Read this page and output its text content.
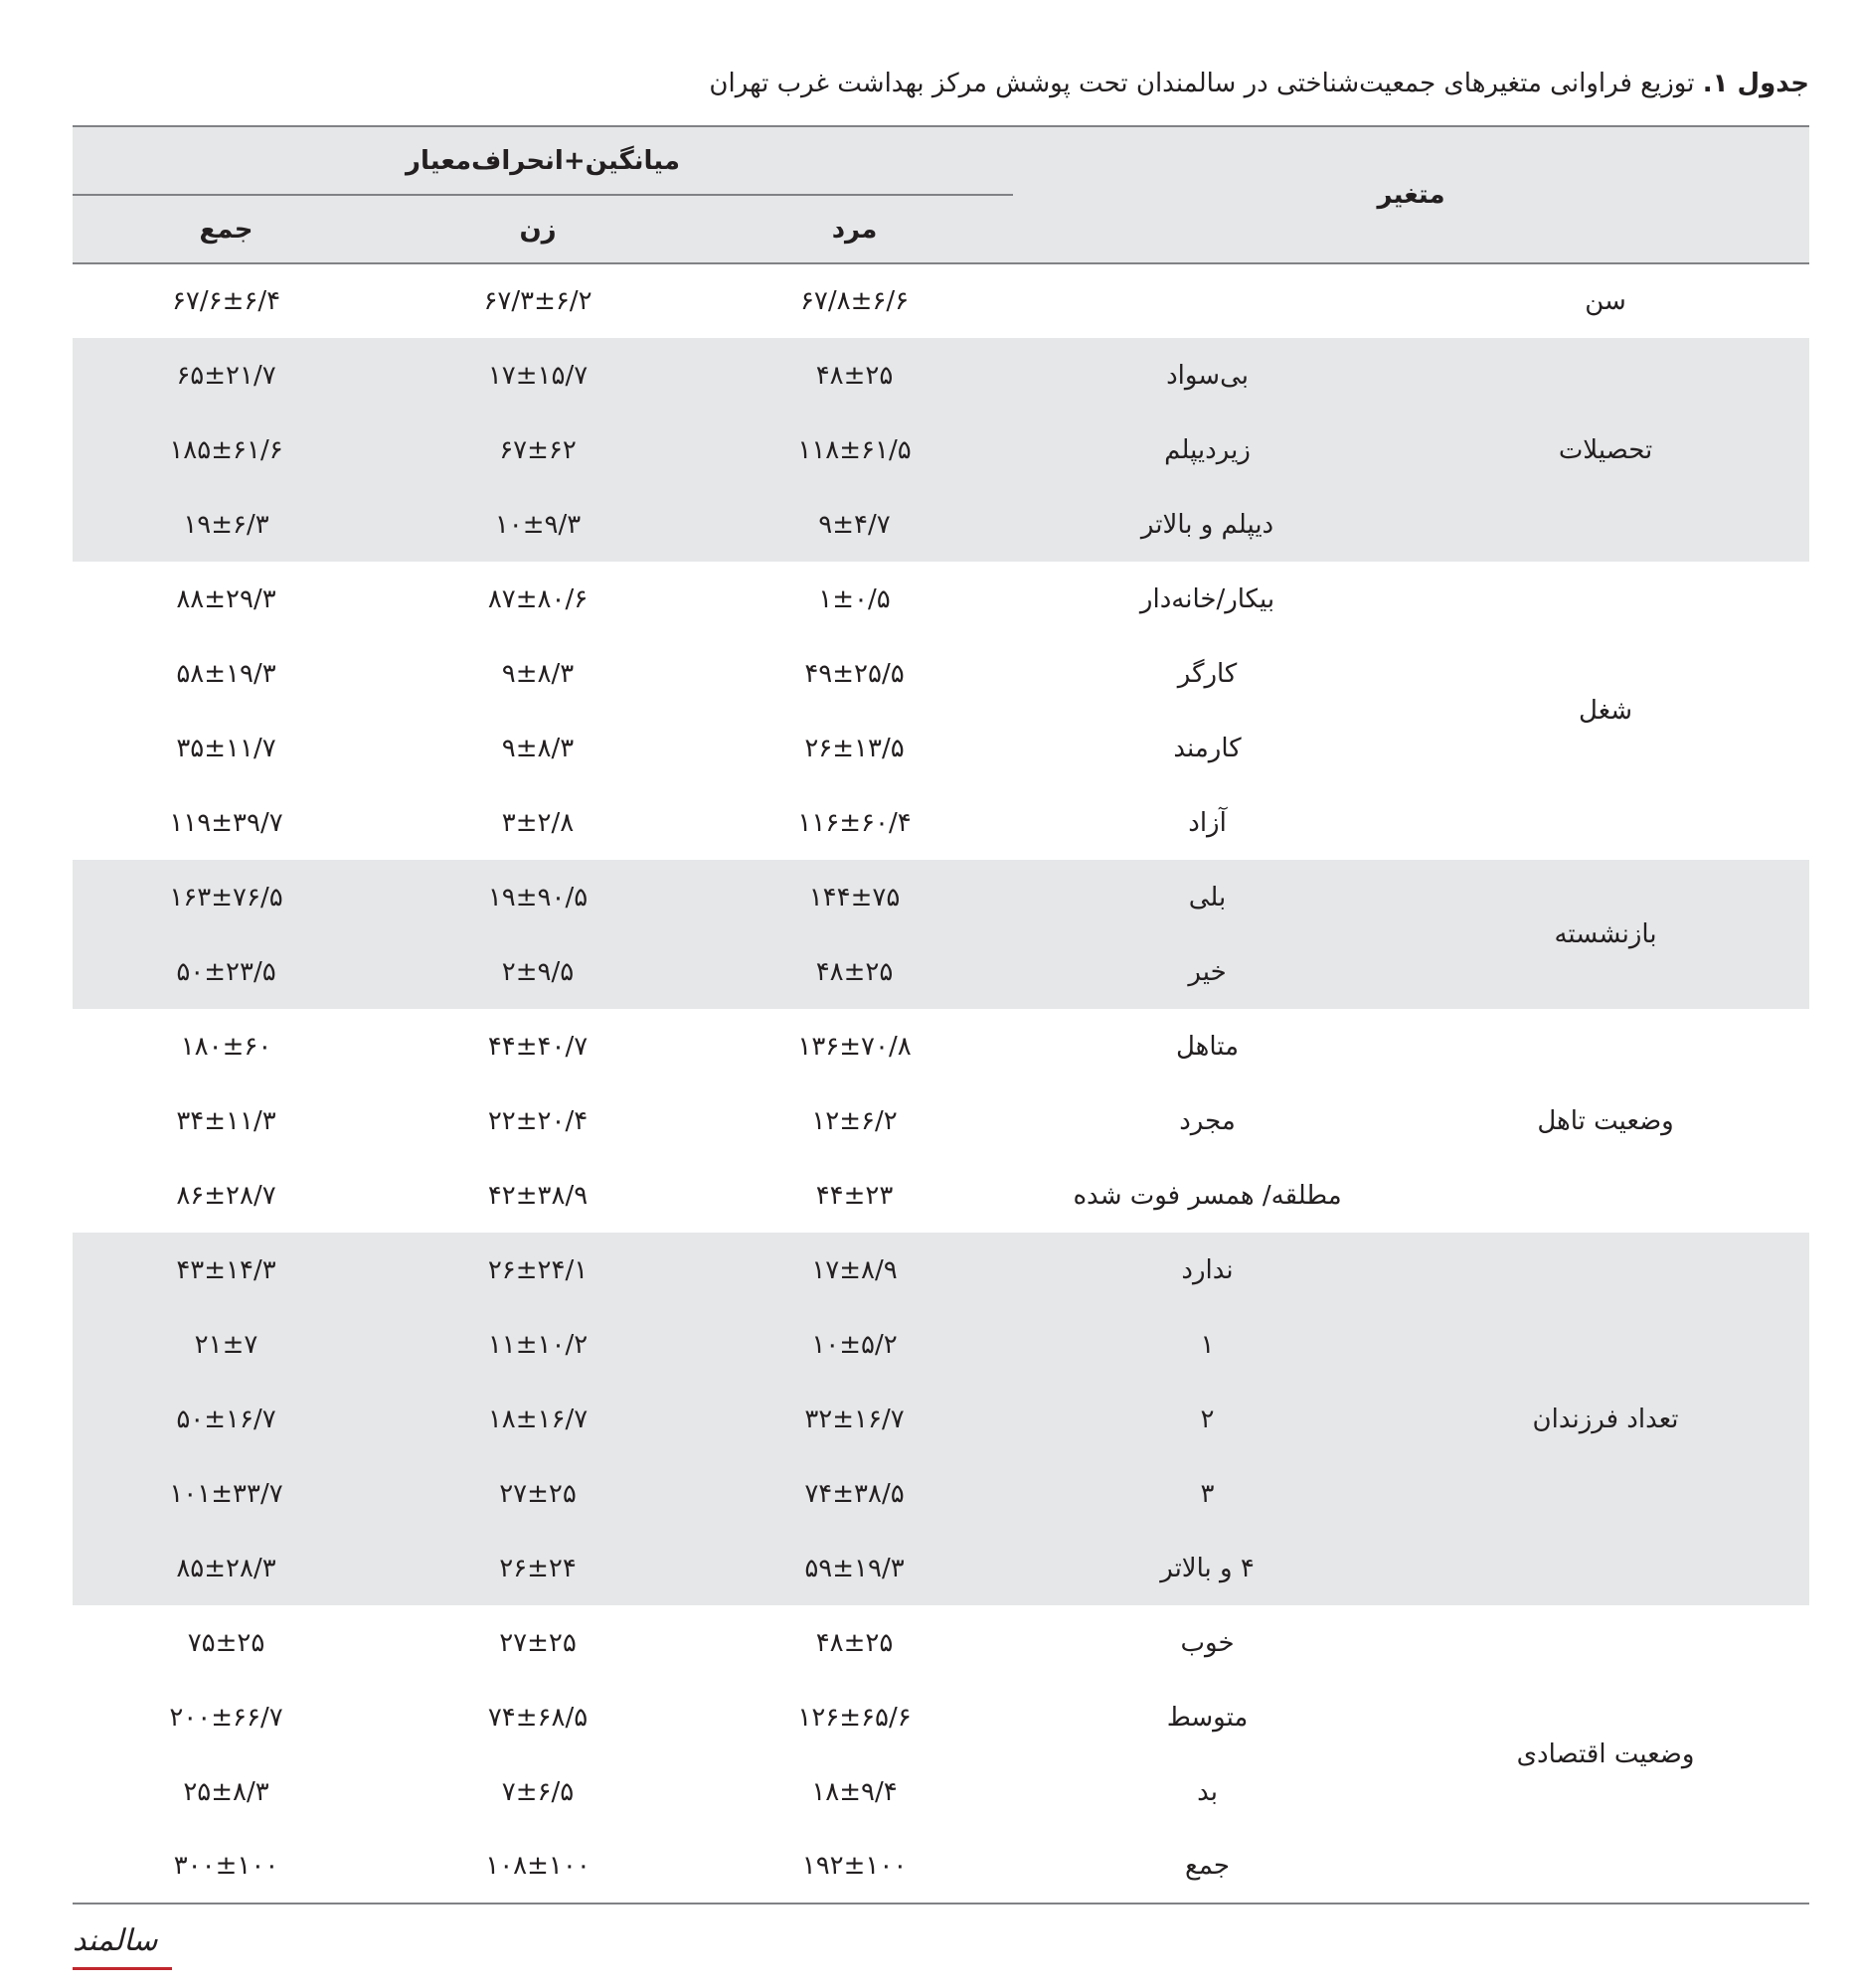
جدول ۱. توزیع فراوانی متغیرهای جمعیت‌شناختی در سالمندان تحت پوشش مرکز بهداشت غرب تهران
متغیر		میانگین+انحراف‌معیار		
		مرد	زن	جمع
سن		۶۷/۸±۶/۶	۶۷/۳±۶/۲	۶۷/۶±۶/۴
تحصیلات	بی‌سواد	۴۸±۲۵	۱۷±۱۵/۷	۶۵±۲۱/۷
	زیردیپلم	۱۱۸±۶۱/۵	۶۷±۶۲	۱۸۵±۶۱/۶
	دیپلم و بالاتر	۹±۴/۷	۱۰±۹/۳	۱۹±۶/۳
شغل	بیکار/خانه‌دار	۱±۰/۵	۸۷±۸۰/۶	۸۸±۲۹/۳
	کارگر	۴۹±۲۵/۵	۹±۸/۳	۵۸±۱۹/۳
	کارمند	۲۶±۱۳/۵	۹±۸/۳	۳۵±۱۱/۷
	آزاد	۱۱۶±۶۰/۴	۳±۲/۸	۱۱۹±۳۹/۷
بازنشسته	بلی	۱۴۴±۷۵	۱۹±۹۰/۵	۱۶۳±۷۶/۵
	خیر	۴۸±۲۵	۲±۹/۵	۵۰±۲۳/۵
وضعیت تاهل	متاهل	۱۳۶±۷۰/۸	۴۴±۴۰/۷	۱۸۰±۶۰
	مجرد	۱۲±۶/۲	۲۲±۲۰/۴	۳۴±۱۱/۳
	مطلقه/ همسر فوت شده	۴۴±۲۳	۴۲±۳۸/۹	۸۶±۲۸/۷
تعداد فرزندان	ندارد	۱۷±۸/۹	۲۶±۲۴/۱	۴۳±۱۴/۳
	۱	۱۰±۵/۲	۱۱±۱۰/۲	۲۱±۷
	۲	۳۲±۱۶/۷	۱۸±۱۶/۷	۵۰±۱۶/۷
	۳	۷۴±۳۸/۵	۲۷±۲۵	۱۰۱±۳۳/۷
	۴ و بالاتر	۵۹±۱۹/۳	۲۶±۲۴	۸۵±۲۸/۳
وضعیت اقتصادی	خوب	۴۸±۲۵	۲۷±۲۵	۷۵±۲۵
	متوسط	۱۲۶±۶۵/۶	۷۴±۶۸/۵	۲۰۰±۶۶/۷
	بد	۱۸±۹/۴	۷±۶/۵	۲۵±۸/۳
	جمع	۱۹۲±۱۰۰	۱۰۸±۱۰۰	۳۰۰±۱۰۰
سالمند
